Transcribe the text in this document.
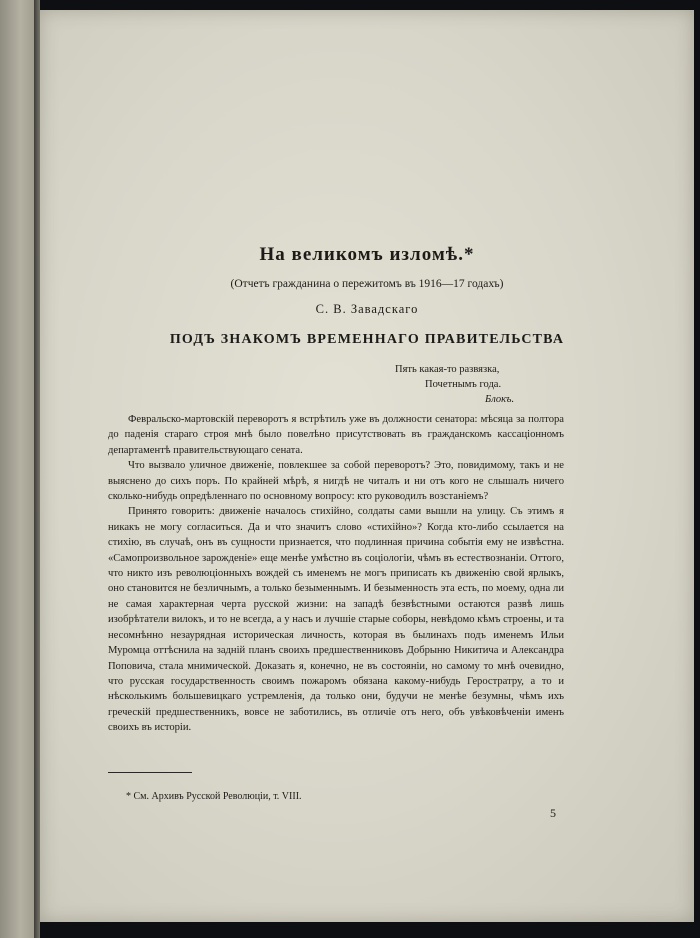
На великомъ изломѣ.*

(Отчетъ гражданина о пережитомъ въ 1916—17 годахъ)

С. В. Завадскаго

ПОДЪ ЗНАКОМЪ ВРЕМЕННАГО ПРАВИТЕЛЬСТВА
Пять какая-то развязка,
Почетнымъ года.
Блокъ.

Февральско-мартовскій переворотъ я встрѣтилъ уже въ должности сенатора: мѣсяца за полтора до паденія стараго строя мнѣ было повелѣно присутствовать въ гражданскомъ кассаціонномъ департаментѣ правительствующаго сената.

Что вызвало уличное движеніе, повлекшее за собой переворотъ? Это, повидимому, такъ и не выяснено до сихъ поръ. По крайней мѣрѣ, я нигдѣ не читалъ и ни отъ кого не слышалъ ничего сколько-нибудь опредѣленнаго по основному вопросу: кто руководилъ возстаніемъ?

Принято говорить: движеніе началось стихійно, солдаты сами вышли на улицу. Съ этимъ я никакъ не могу согласиться. Да и что значитъ слово «стихійно»? Когда кто-либо ссылается на стихію, въ случаѣ, онъ въ сущности признается, что подлинная причина событія ему не извѣстна. «Самопроизвольное зарожденіе» еще менѣе умѣстно въ соціологіи, чѣмъ въ естествознаніи. Оттого, что никто изъ революціонныхъ вождей съ именемъ не могъ приписать къ движенію свой ярлыкъ, оно становится не безличнымъ, а только безыменнымъ. И безыменность эта есть, по моему, одна ли не самая характерная черта русской жизни: на западѣ безвѣстными остаются развѣ лишь изобрѣтатели вилокъ, и то не всегда, а у насъ и лучшіе старые соборы, невѣдомо кѣмъ строены, и та несомнѣнно незаурядная историческая личность, которая въ былинахъ подъ именемъ Ильи Муромца оттѣснила на задній планъ своихъ предшественниковъ Добрыню Никитича и Александра Поповича, стала мнимической. Доказать я, конечно, не въ состояніи, но самому то мнѣ очевидно, что русская государственность своимъ пожаромъ обязана какому-нибудь Геростратру, а то и нѣсколькимъ большевицкаго устремленія, да только они, будучи не менѣе безумны, чѣмъ ихъ греческій предшественникъ, вовсе не заботились, въ отличіе отъ него, объ увѣковѣченіи именъ своихъ въ исторіи.

* См. Архивъ Русской Революціи, т. VIII.

5
